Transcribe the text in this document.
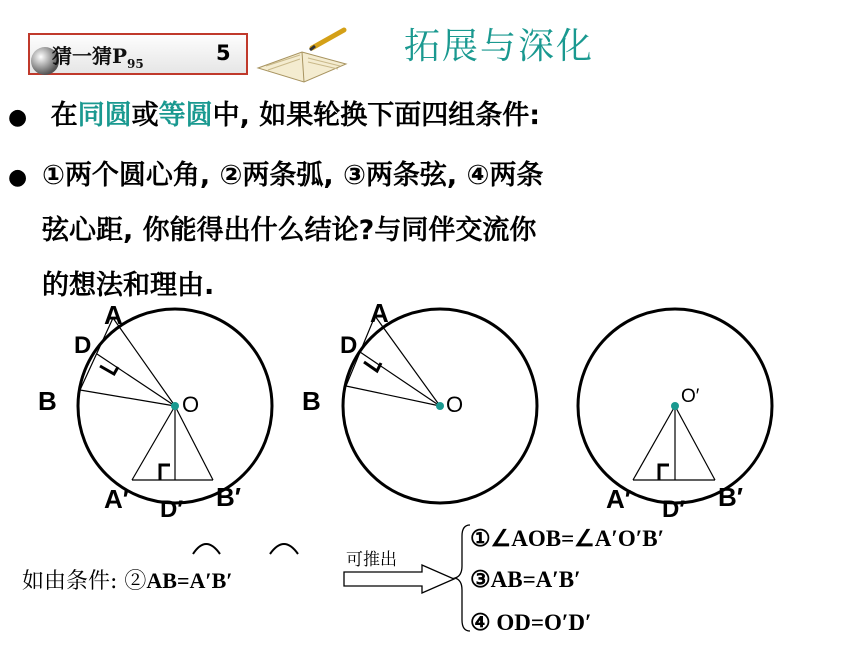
猜一猜$P_{95}$	5	拓展与深化
● 在同圆或等圆中, 如果轮换下面四组条件:
● ①两个圆心角, ②两条弧, ③两条弦, ④两条
弦心距, 你能得出什么结论?与同伴交流你
的想法和理由.
A
D
B	O
A′ D′ B′
A
D
B	O	O′
A′ D′ B′
如由条件: ②AB=A′B′
可推出
①∠AOB=∠A′O′B′
③AB=A′B′
④ OD=O′D′
